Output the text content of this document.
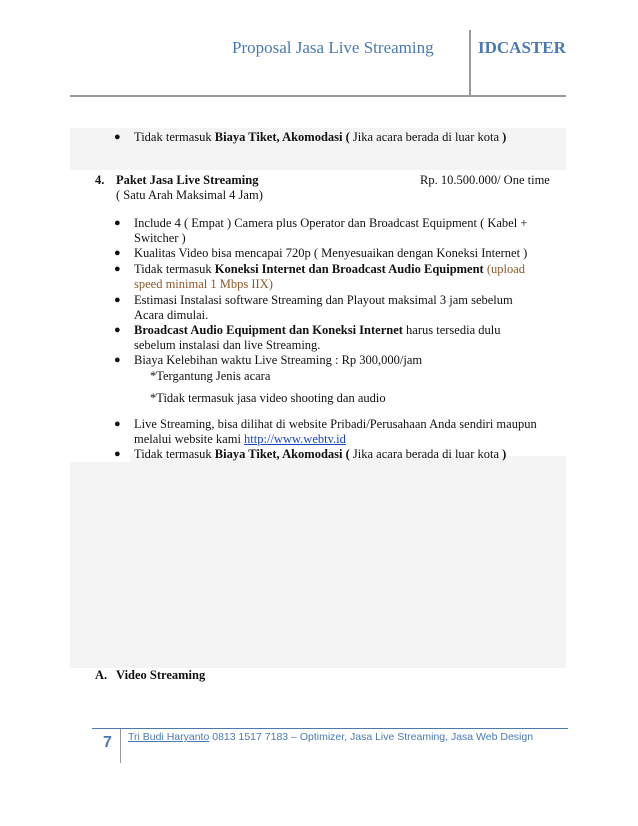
Proposal Jasa Live Streaming	IDCASTER
● Tidak termasuk Biaya Tiket, Akomodasi ( Jika acara berada di luar kota )
4. Paket Jasa Live Streaming	Rp. 10.500.000/ One time
( Satu Arah Maksimal 4 Jam)
● Include 4 ( Empat ) Camera plus Operator dan Broadcast Equipment ( Kabel +
Switcher )
● Kualitas Video bisa mencapai 720p ( Menyesuaikan dengan Koneksi Internet )
● Tidak termasuk Koneksi Internet dan Broadcast Audio Equipment (upload
speed minimal 1 Mbps IIX)
● Estimasi Instalasi software Streaming dan Playout maksimal 3 jam sebelum
Acara dimulai.
● Broadcast Audio Equipment dan Koneksi Internet harus tersedia dulu
sebelum instalasi dan live Streaming.
● Biaya Kelebihan waktu Live Streaming : Rp 300,000/jam
*Tergantung Jenis acara
*Tidak termasuk jasa video shooting dan audio
● Live Streaming, bisa dilihat di website Pribadi/Perusahaan Anda sendiri maupun
melalui website kami http://www.webtv.id
● Tidak termasuk Biaya Tiket, Akomodasi ( Jika acara berada di luar kota )
A. Video Streaming
7 Tri Budi Haryanto 0813 1517 7183 – Optimizer, Jasa Live Streaming, Jasa Web Design
